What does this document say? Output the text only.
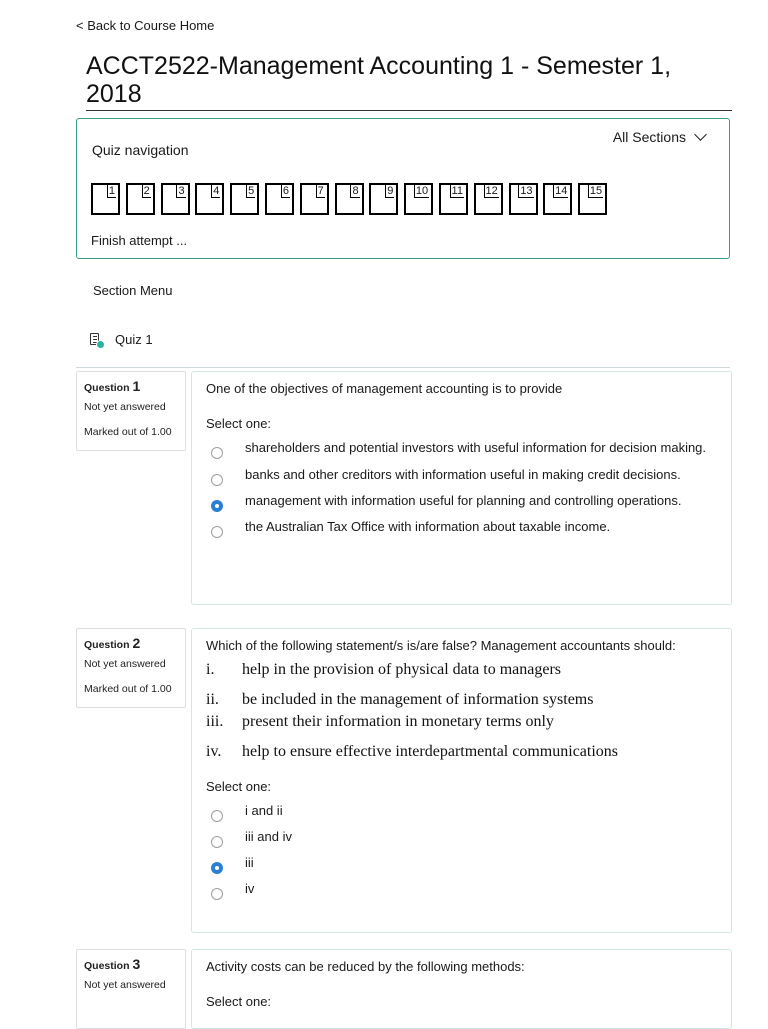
< Back to Course Home
ACCT2522-Management Accounting 1 - Semester 1, 2018
Quiz navigation
All Sections
1	2	3	4	5	6	7	8	9 10 11 12 13 14 15
Finish attempt ...
Section Menu
Quiz 1
Question 1
Not yet answered
Marked out of 1.00
One of the objectives of management accounting is to provide
Select one:
shareholders and potential investors with useful information for decision making.
banks and other creditors with information useful in making credit decisions.
management with information useful for planning and controlling operations.
the Australian Tax Office with information about taxable income.
Question 2
Not yet answered
Marked out of 1.00
Which of the following statement/s is/are false? Management accountants should:
i.	help in the provision of physical data to managers
ii.	be included in the management of information systems
iii.	present their information in monetary terms only
iv.	help to ensure effective interdepartmental communications
Select one:
i and ii
iii and iv
iii
iv
Question 3
Not yet answered
Activity costs can be reduced by the following methods:
Select one:
